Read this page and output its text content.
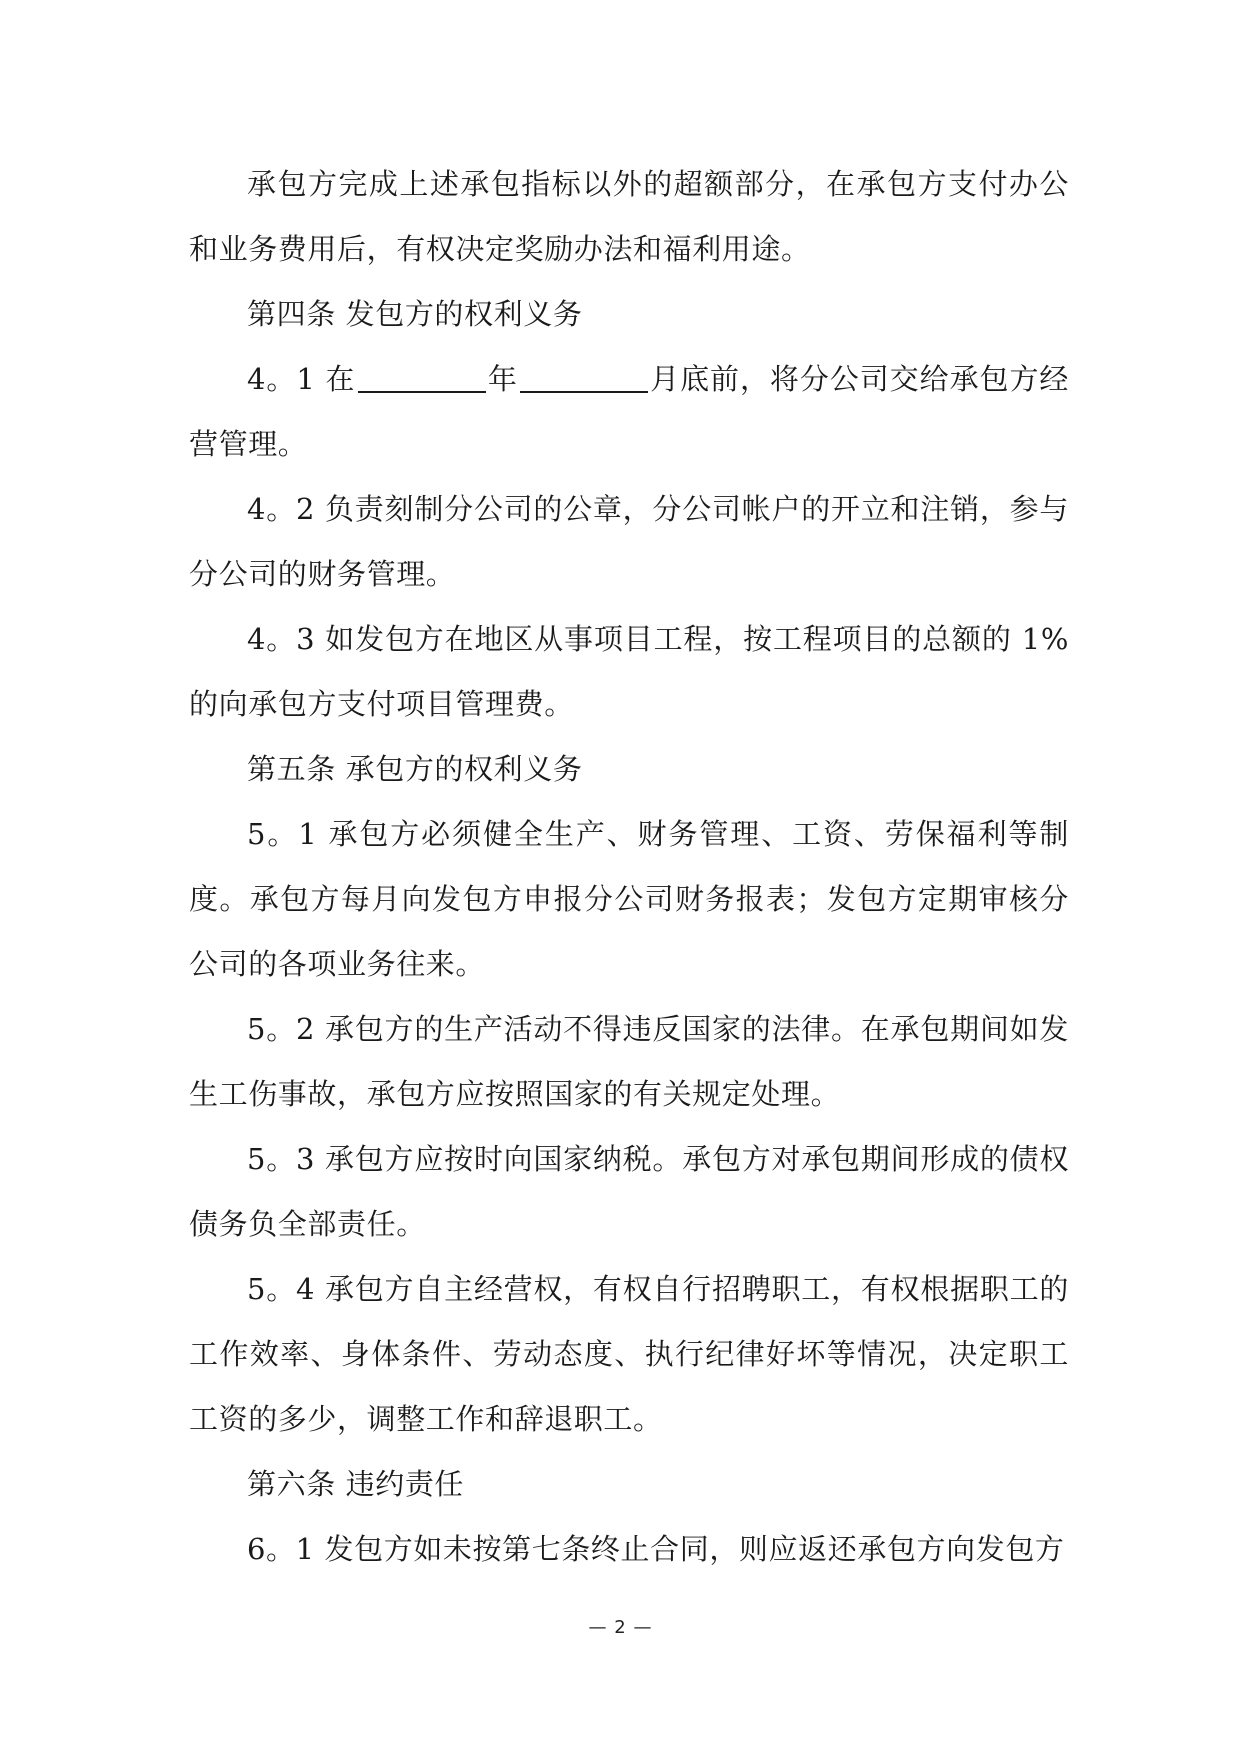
承包方完成上述承包指标以外的超额部分，在承包方支付办公和业务费用后，有权决定奖励办法和福利用途。

第四条 发包方的权利义务

4。1 在	年	月底前，将分公司交给承包方经营管理。

4。2 负责刻制分公司的公章，分公司帐户的开立和注销，参与分公司的财务管理。

4。3 如发包方在地区从事项目工程，按工程项目的总额的 1%的向承包方支付项目管理费。

第五条 承包方的权利义务

5。1 承包方必须健全生产、财务管理、工资、劳保福利等制度。承包方每月向发包方申报分公司财务报表；发包方定期审核分公司的各项业务往来。

5。2 承包方的生产活动不得违反国家的法律。在承包期间如发生工伤事故，承包方应按照国家的有关规定处理。

5。3 承包方应按时向国家纳税。承包方对承包期间形成的债权债务负全部责任。

5。4 承包方自主经营权，有权自行招聘职工，有权根据职工的工作效率、身体条件、劳动态度、执行纪律好坏等情况，决定职工工资的多少，调整工作和辞退职工。

第六条 违约责任

6。1 发包方如未按第七条终止合同，则应返还承包方向发包方

— 2 —
